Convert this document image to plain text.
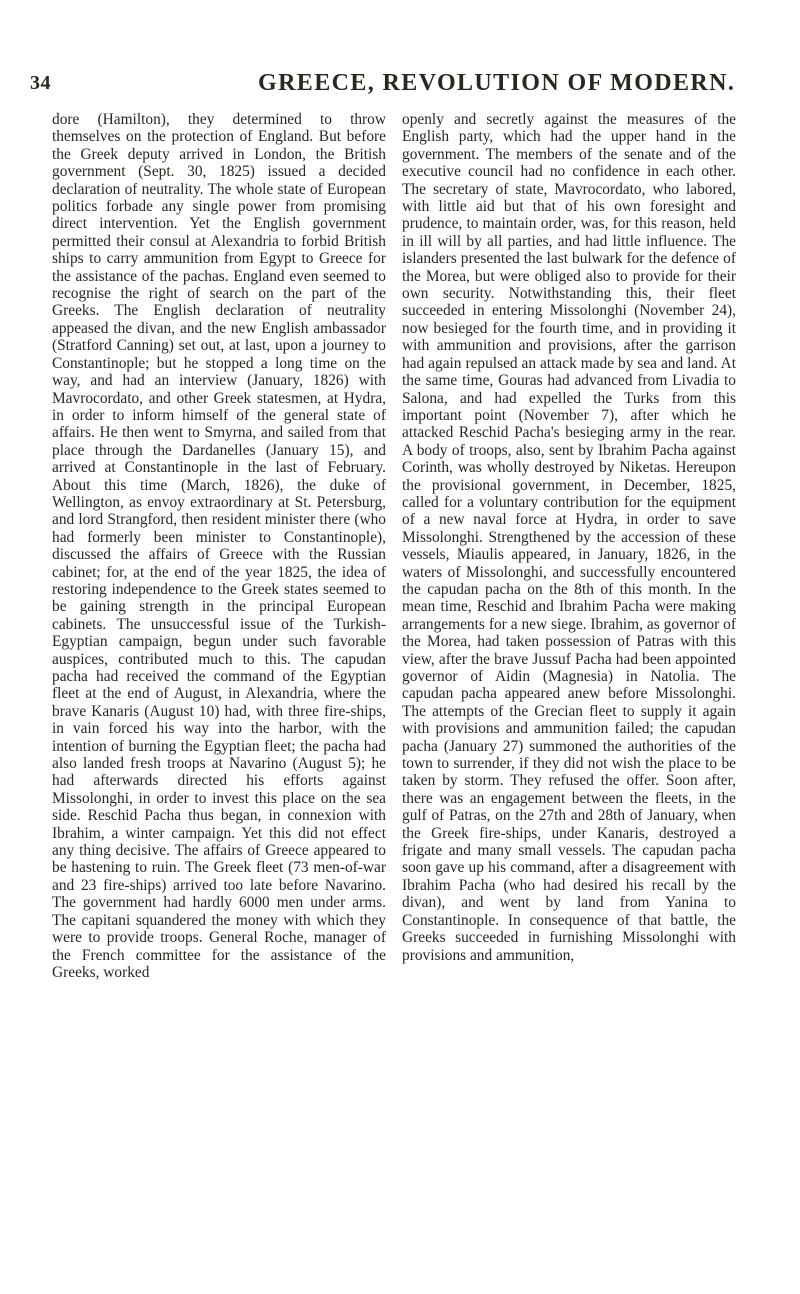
34	GREECE, REVOLUTION OF MODERN.

dore (Hamilton), they determined to throw themselves on the protection of England. But before the Greek deputy arrived in London, the British government (Sept. 30, 1825) issued a decided declaration of neutrality. The whole state of European politics forbade any single power from promising direct intervention. Yet the English government permitted their consul at Alexandria to forbid British ships to carry ammunition from Egypt to Greece for the assistance of the pachas. England even seemed to recognise the right of search on the part of the Greeks. The English declaration of neutrality appeased the divan, and the new English ambassador (Stratford Canning) set out, at last, upon a journey to Constantinople; but he stopped a long time on the way, and had an interview (January, 1826) with Mavrocordato, and other Greek statesmen, at Hydra, in order to inform himself of the general state of affairs. He then went to Smyrna, and sailed from that place through the Dardanelles (January 15), and arrived at Constantinople in the last of February. About this time (March, 1826), the duke of Wellington, as envoy extraordinary at St. Petersburg, and lord Strangford, then resident minister there (who had formerly been minister to Constantinople), discussed the affairs of Greece with the Russian cabinet; for, at the end of the year 1825, the idea of restoring independence to the Greek states seemed to be gaining strength in the principal European cabinets. The unsuccessful issue of the Turkish-Egyptian campaign, begun under such favorable auspices, contributed much to this. The capudan pacha had received the command of the Egyptian fleet at the end of August, in Alexandria, where the brave Kanaris (August 10) had, with three fire-ships, in vain forced his way into the harbor, with the intention of burning the Egyptian fleet; the pacha had also landed fresh troops at Navarino (August 5); he had afterwards directed his efforts against Missolonghi, in order to invest this place on the sea side. Reschid Pacha thus began, in connexion with Ibrahim, a winter campaign. Yet this did not effect any thing decisive. The affairs of Greece appeared to be hastening to ruin. The Greek fleet (73 men-of-war and 23 fire-ships) arrived too late before Navarino. The government had hardly 6000 men under arms. The capitani squandered the money with which they were to provide troops. General Roche, manager of the French committee for the assistance of the Greeks, worked

openly and secretly against the measures of the English party, which had the upper hand in the government. The members of the senate and of the executive council had no confidence in each other. The secretary of state, Mavrocordato, who labored, with little aid but that of his own foresight and prudence, to maintain order, was, for this reason, held in ill will by all parties, and had little influence. The islanders presented the last bulwark for the defence of the Morea, but were obliged also to provide for their own security. Notwithstanding this, their fleet succeeded in entering Missolonghi (November 24), now besieged for the fourth time, and in providing it with ammunition and provisions, after the garrison had again repulsed an attack made by sea and land. At the same time, Gouras had advanced from Livadia to Salona, and had expelled the Turks from this important point (November 7), after which he attacked Reschid Pacha's besieging army in the rear. A body of troops, also, sent by Ibrahim Pacha against Corinth, was wholly destroyed by Niketas. Hereupon the provisional government, in December, 1825, called for a voluntary contribution for the equipment of a new naval force at Hydra, in order to save Missolonghi. Strengthened by the accession of these vessels, Miaulis appeared, in January, 1826, in the waters of Missolonghi, and successfully encountered the capudan pacha on the 8th of this month. In the mean time, Reschid and Ibrahim Pacha were making arrangements for a new siege. Ibrahim, as governor of the Morea, had taken possession of Patras with this view, after the brave Jussuf Pacha had been appointed governor of Aidin (Magnesia) in Natolia. The capudan pacha appeared anew before Missolonghi. The attempts of the Grecian fleet to supply it again with provisions and ammunition failed; the capudan pacha (January 27) summoned the authorities of the town to surrender, if they did not wish the place to be taken by storm. They refused the offer. Soon after, there was an engagement between the fleets, in the gulf of Patras, on the 27th and 28th of January, when the Greek fire-ships, under Kanaris, destroyed a frigate and many small vessels. The capudan pacha soon gave up his command, after a disagreement with Ibrahim Pacha (who had desired his recall by the divan), and went by land from Yanina to Constantinople. In consequence of that battle, the Greeks succeeded in furnishing Missolonghi with provisions and ammunition,
